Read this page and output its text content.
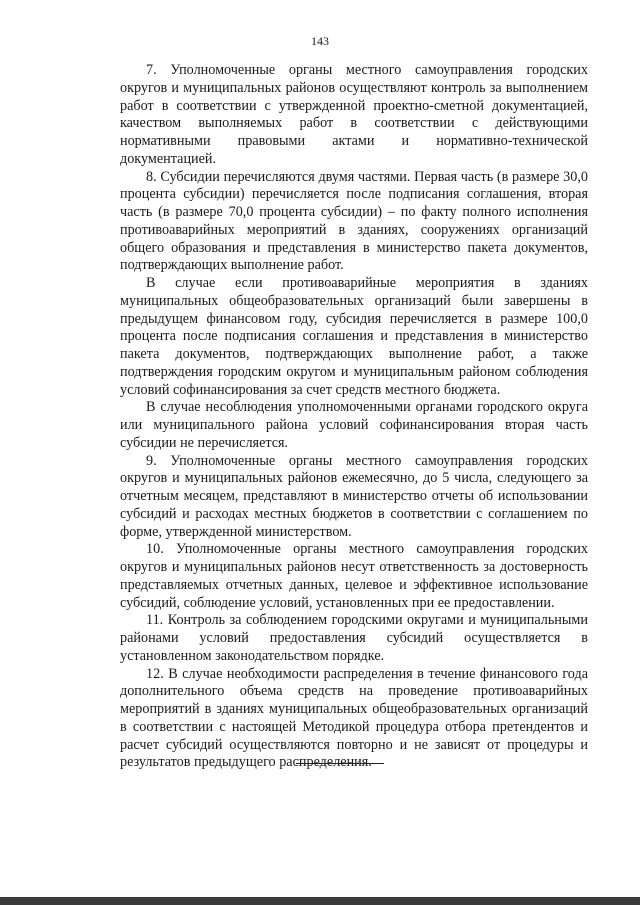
143

7. Уполномоченные органы местного самоуправления городских округов и муниципальных районов осуществляют контроль за выполнением работ в соответствии с утвержденной проектно-сметной документацией, качеством выполняемых работ в соответствии с действующими нормативными правовыми актами и нормативно-технической документацией.

8. Субсидии перечисляются двумя частями. Первая часть (в размере 30,0 процента субсидии) перечисляется после подписания соглашения, вторая часть (в размере 70,0 процента субсидии) – по факту полного исполнения противоаварийных мероприятий в зданиях, сооружениях организаций общего образования и представления в министерство пакета документов, подтверждающих выполнение работ.

В случае если противоаварийные мероприятия в зданиях муниципальных общеобразовательных организаций были завершены в предыдущем финансовом году, субсидия перечисляется в размере 100,0 процента после подписания соглашения и представления в министерство пакета документов, подтверждающих выполнение работ, а также подтверждения городским округом и муниципальным районом соблюдения условий софинансирования за счет средств местного бюджета.

В случае несоблюдения уполномоченными органами городского округа или муниципального района условий софинансирования вторая часть субсидии не перечисляется.

9. Уполномоченные органы местного самоуправления городских округов и муниципальных районов ежемесячно, до 5 числа, следующего за отчетным месяцем, представляют в министерство отчеты об использовании субсидий и расходах местных бюджетов в соответствии с соглашением по форме, утвержденной министерством.

10. Уполномоченные органы местного самоуправления городских округов и муниципальных районов несут ответственность за достоверность представляемых отчетных данных, целевое и эффективное использование субсидий, соблюдение условий, установленных при ее предоставлении.

11. Контроль за соблюдением городскими округами и муниципальными районами условий предоставления субсидий осуществляется в установленном законодательством порядке.

12. В случае необходимости распределения в течение финансового года дополнительного объема средств на проведение противоаварийных мероприятий в зданиях муниципальных общеобразовательных организаций в соответствии с настоящей Методикой процедура отбора претендентов и расчет субсидий осуществляются повторно и не зависят от процедуры и результатов предыдущего распределения.
